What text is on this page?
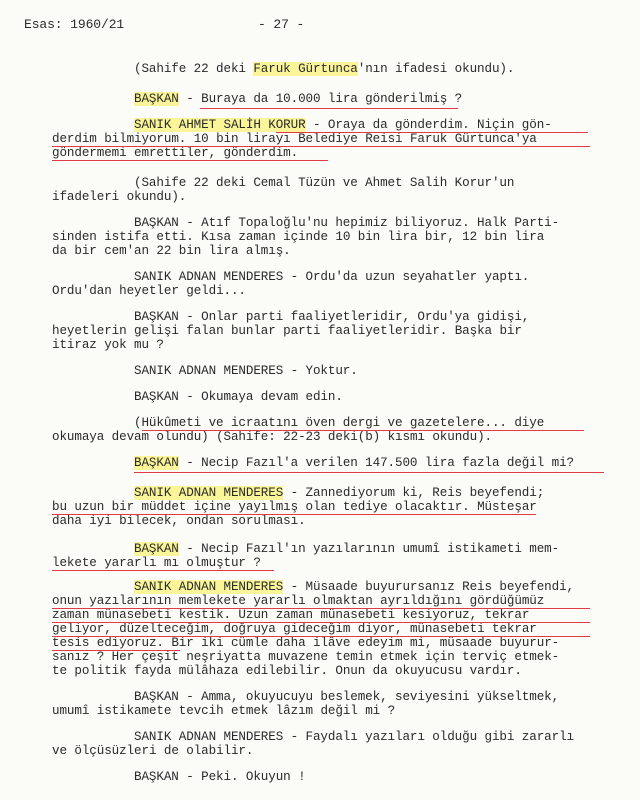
Esas: 1960/21	- 27 -
(Sahife 22 deki Faruk Gürtunca'nın ifadesi okundu).
BAŞKAN - Buraya da 10.000 lira gönderilmiş ?
SANIK AHMET SALİH KORUR - Oraya da gönderdim. Niçin gön-
derdim bilmiyorum. 10 bin lirayı Belediye Reisi Faruk Gürtunca'ya
göndermemi emrettiler, gönderdim.
(Sahife 22 deki Cemal Tüzün ve Ahmet Salih Korur'un
ifadeleri okundu).
BAŞKAN - Atıf Topaloğlu'nu hepimiz biliyoruz. Halk Parti-
sinden istifa etti. Kısa zaman içinde 10 bin lira bir, 12 bin lira
da bir cem'an 22 bin lira almış.
SANIK ADNAN MENDERES - Ordu'da uzun seyahatler yaptı.
Ordu'dan heyetler geldi...
BAŞKAN - Onlar parti faaliyetleridir, Ordu'ya gidişi,
heyetlerin gelişi falan bunlar parti faaliyetleridir. Başka bir
itiraz yok mu ?
SANIK ADNAN MENDERES - Yoktur.
BAŞKAN - Okumaya devam edin.
(Hükûmeti ve icraatını öven dergi ve gazetelere... diye
okumaya devam olundu) (Sahife: 22-23 deki(b) kısmı okundu).
BAŞKAN - Necip Fazıl'a verilen 147.500 lira fazla değil mi?
SANIK ADNAN MENDERES - Zannediyorum ki, Reis beyefendi;
bu uzun bir müddet içine yayılmış olan tediye olacaktır. Müsteşar
daha iyi bilecek, ondan sorulması.
BAŞKAN - Necip Fazıl'ın yazılarının umumî istikameti mem-
lekete yararlı mı olmuştur ?
SANIK ADNAN MENDERES - Müsaade buyurursanız Reis beyefendi,
onun yazılarının memlekete yararlı olmaktan ayrıldığını gördüğümüz
zaman münasebeti kestik. Uzun zaman münasebeti kesiyoruz, tekrar
geliyor, düzelteceğim, doğruya gideceğim diyor, münasebeti tekrar
tesis ediyoruz. Bir iki cümle daha ilâve edeyim mi, müsaade buyurur-
sanız ? Her çeşit neşriyatta muvazene temin etmek için terviç etmek-
te politik fayda mülâhaza edilebilir. Onun da okuyucusu vardır.
BAŞKAN - Amma, okuyucuyu beslemek, seviyesini yükseltmek,
umumî istikamete tevcih etmek lâzım değil mi ?
SANIK ADNAN MENDERES - Faydalı yazıları olduğu gibi zararlı
ve ölçüsüzleri de olabilir.
BAŞKAN - Peki. Okuyun !
